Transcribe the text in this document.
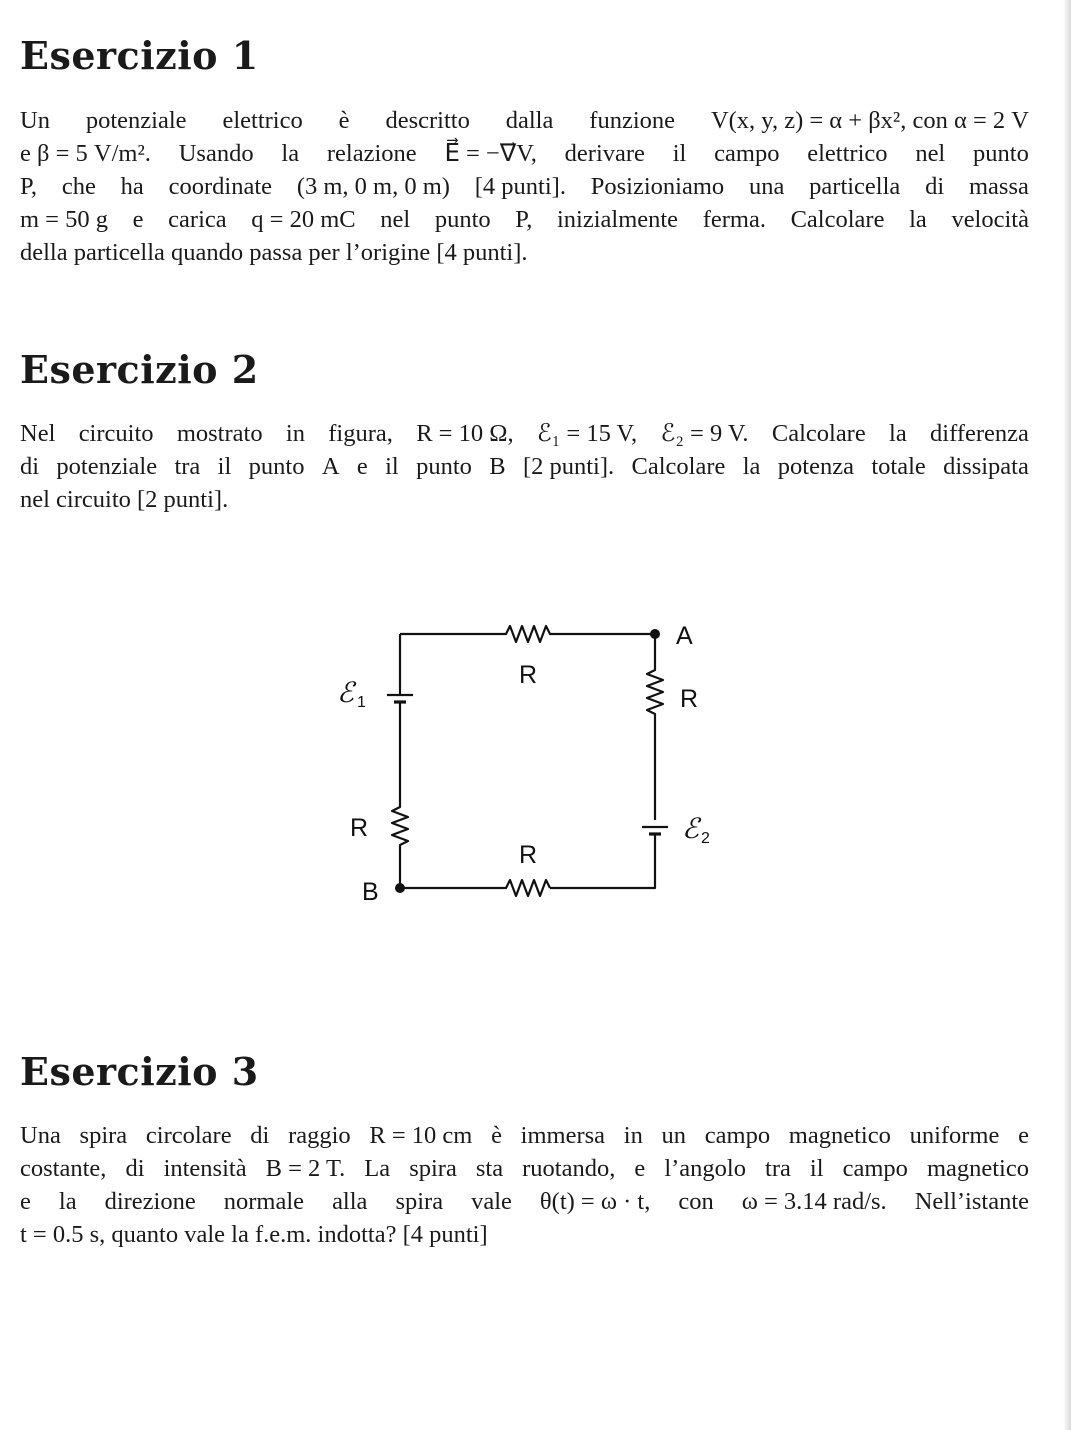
Esercizio 1
Un potenziale elettrico è descritto dalla funzione V(x, y, z) = α + βx², con α = 2 V
e β = 5 V/m². Usando la relazione E⃗ = −∇⃗V, derivare il campo elettrico nel punto
P, che ha coordinate (3 m, 0 m, 0 m) [4 punti]. Posizioniamo una particella di massa
m = 50 g e carica q = 20 mC nel punto P, inizialmente ferma. Calcolare la velocità
della particella quando passa per l’origine [4 punti].
Esercizio 2
Nel circuito mostrato in figura, R = 10 Ω, ℰ₁ = 15 V, ℰ₂ = 9 V. Calcolare la differenza
di potenziale tra il punto A e il punto B [2 punti]. Calcolare la potenza totale dissipata
nel circuito [2 punti].
A
B
R
R
R
R
ℰ 1
ℰ 2
Esercizio 3
Una spira circolare di raggio R = 10 cm è immersa in un campo magnetico uniforme e
costante, di intensità B = 2 T. La spira sta ruotando, e l’angolo tra il campo magnetico
e la direzione normale alla spira vale θ(t) = ω · t, con ω = 3.14 rad/s. Nell’istante
t = 0.5 s, quanto vale la f.e.m. indotta? [4 punti]
